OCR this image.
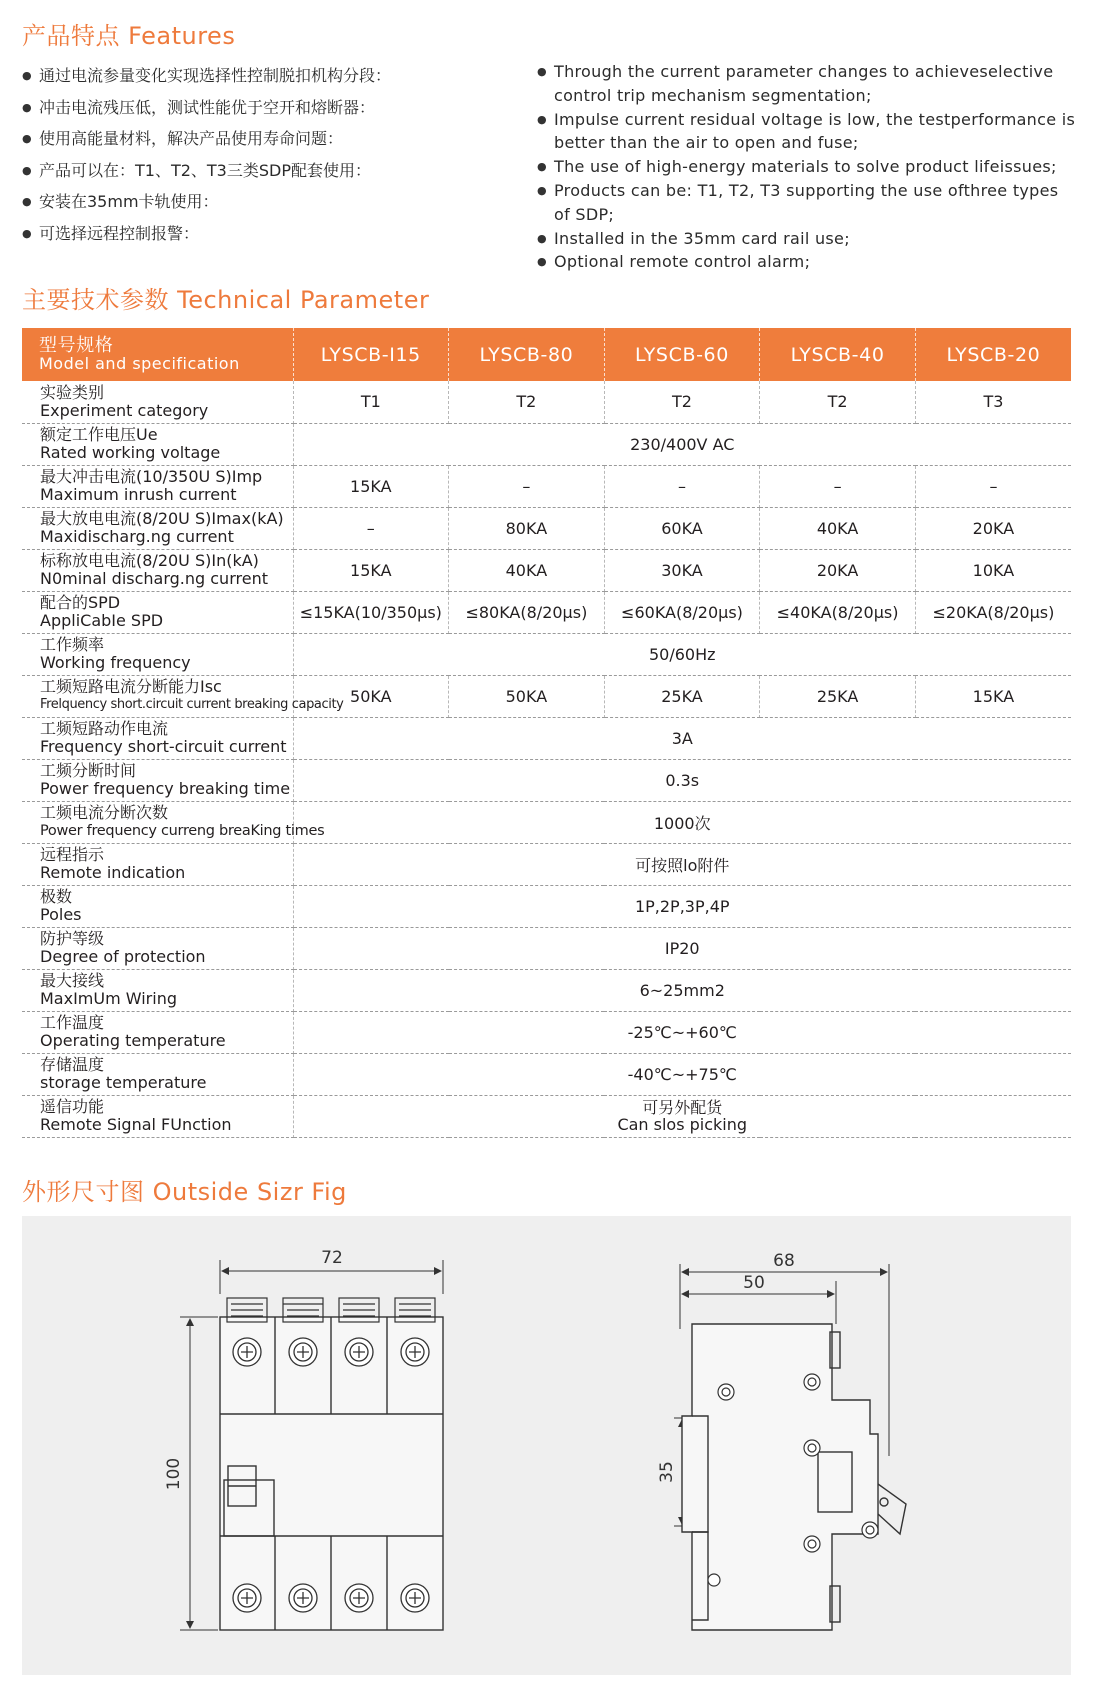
产品特点 Features
● 通过电流参量变化实现选择性控制脱扣机构分段：
● 冲击电流残压低，测试性能优于空开和熔断器：
● 使用高能量材料，解决产品使用寿命问题：
● 产品可以在：T1、T2、T3三类SDP配套使用：
● 安装在35mm卡轨使用：
● 可选择远程控制报警：
● Through the current parameter changes to achieveselective control trip mechanism segmentation;
● Impulse current residual voltage is low, the testperformance is better than the air to open and fuse;
● The use of high-energy materials to solve product lifeissues;
● Products can be: T1, T2, T3 supporting the use ofthree types of SDP;
● Installed in the 35mm card rail use;
● Optional remote control alarm;
主要技术参数 Technical Parameter
型号规格
Model and specification	LYSCB-I15	LYSCB-80	LYSCB-60	LYSCB-40	LYSCB-20

实验类别
Experiment category	T1	T2	T2	T2	T3

额定工作电压Ue
Rated working voltage	230/400V AC				

最大冲击电流(10/350U S)Imp
Maximum inrush current	15KA	–	–	–	–

最大放电电流(8/20U S)Imax(kA)
Maxidischarg.ng current	–	80KA	60KA	40KA	20KA

标称放电电流(8/20U S)In(kA)
N0minal discharg.ng current	15KA	40KA	30KA	20KA	10KA

配合的SPD
AppliCabIe SPD	≤15KA(10/350μs)	≤80KA(8/20μs)	≤60KA(8/20μs)	≤40KA(8/20μs)	≤20KA(8/20μs)

工作频率
Working frequency	50/60Hz				

工频短路电流分断能力Isc
Frelquency short.circuit current breaking capacity	50KA	50KA	25KA	25KA	15KA

工频短路动作电流
Frequency short-circuit current	3A				

工频分断时间
Power frequency breaking time	0.3s				

工频电流分断次数
Power frequency curreng breaKing times	1000次				

远程指示
Remote indication	可按照lo附件				

极数
Poles	1P,2P,3P,4P				

防护等级
Degree of protection	IP20				

最大接线
MaxImUm Wiring	6~25mm2				

工作温度
Operating temperature	-25℃~+60℃				

存储温度
storage temperature	-40℃~+75℃				

遥信功能
Remote Signal FUnction	可另外配货
Can slos picking				
外形尺寸图 Outside Sizr Fig
72
100
68
50
35
